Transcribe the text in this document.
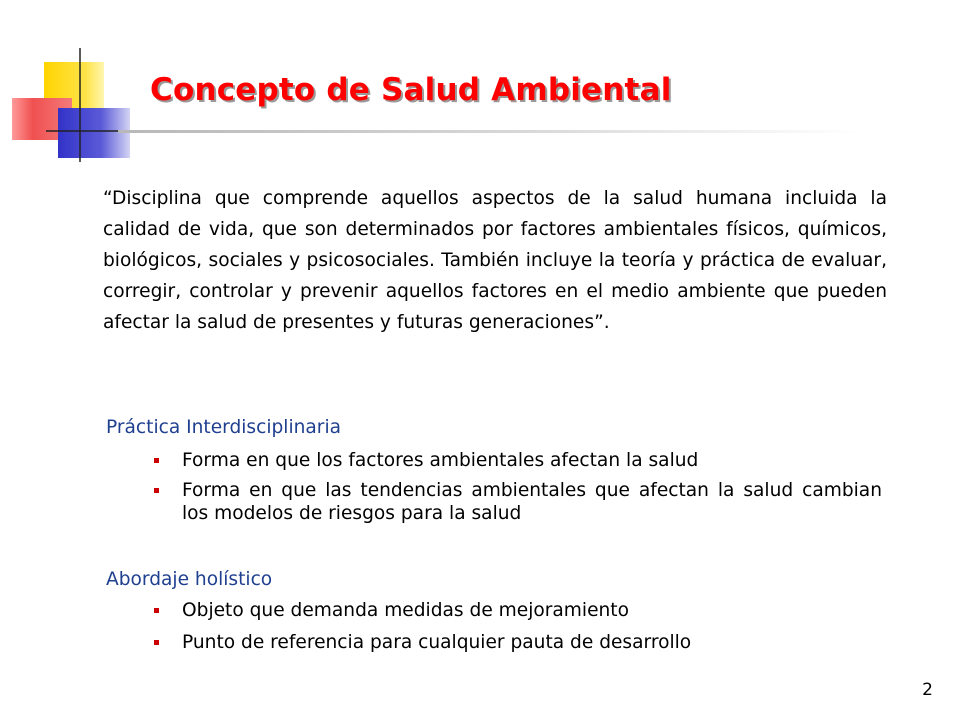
Concepto de Salud Ambiental

“Disciplina que comprende aquellos aspectos de la salud humana incluida la calidad de vida, que son determinados por factores ambientales físicos, químicos, biológicos, sociales y psicosociales. También incluye la teoría y práctica de evaluar, corregir, controlar y prevenir aquellos factores en el medio ambiente que pueden afectar la salud de presentes y futuras generaciones”.

Práctica Interdisciplinaria
Forma en que los factores ambientales afectan la salud
Forma en que las tendencias ambientales que afectan la salud cambian los modelos de riesgos para la salud
Abordaje holístico
Objeto que demanda medidas de mejoramiento
Punto de referencia para cualquier pauta de desarrollo
2
